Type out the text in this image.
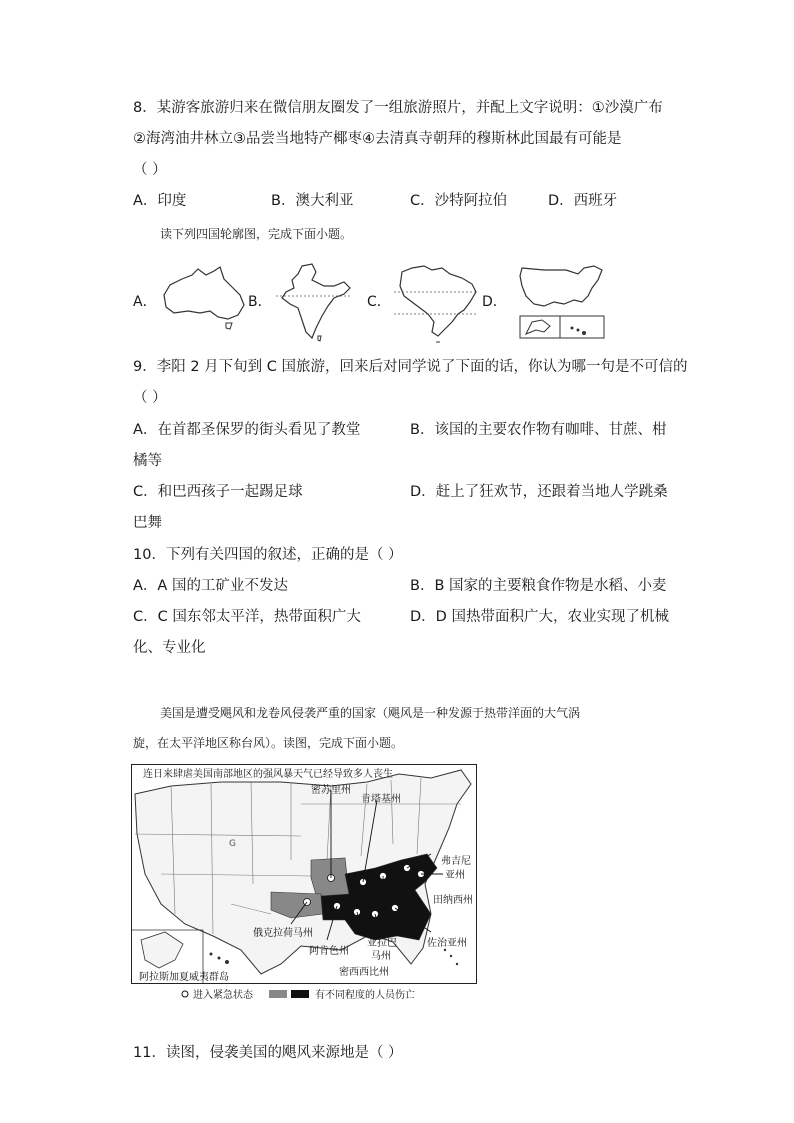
8．某游客旅游归来在微信朋友圈发了一组旅游照片，并配上文字说明：①沙漠广布
②海湾油井林立③品尝当地特产椰枣④去清真寺朝拜的穆斯林此国最有可能是
（ ）
A．印度	B．澳大利亚	C．沙特阿拉伯	D．西班牙
读下列四国轮廓图，完成下面小题。
A．	B．	C．	D．
9．李阳 2 月下旬到 C 国旅游，回来后对同学说了下面的话，你认为哪一句是不可信的
（ ）
A．在首都圣保罗的街头看见了教堂	B．该国的主要农作物有咖啡、甘蔗、柑
橘等
C．和巴西孩子一起踢足球	D．赶上了狂欢节，还跟着当地人学跳桑
巴舞
10．下列有关四国的叙述，正确的是（ ）
A．A 国的工矿业不发达	B．B 国家的主要粮食作物是水稻、小麦
C．C 国东邻太平洋，热带面积广大	D．D 国热带面积广大，农业实现了机械
化、专业化
美国是遭受飓风和龙卷风侵袭严重的国家（飓风是一种发源于热带洋面的大气涡
旋，在太平洋地区称台风）。读图，完成下面小题。
G
连日来肆虐美国南部地区的强风暴天气已经导致多人丧生
密苏里州
肯塔基州
弗吉尼
亚州
田纳西州
佐治亚州
俄克拉荷马州
亚拉巴
马州
阿肯色州
密西西比州
阿拉斯加夏威夷群岛
进入紧急状态	有不同程度的人员伤亡
11．读图，侵袭美国的飓风来源地是（ ）
